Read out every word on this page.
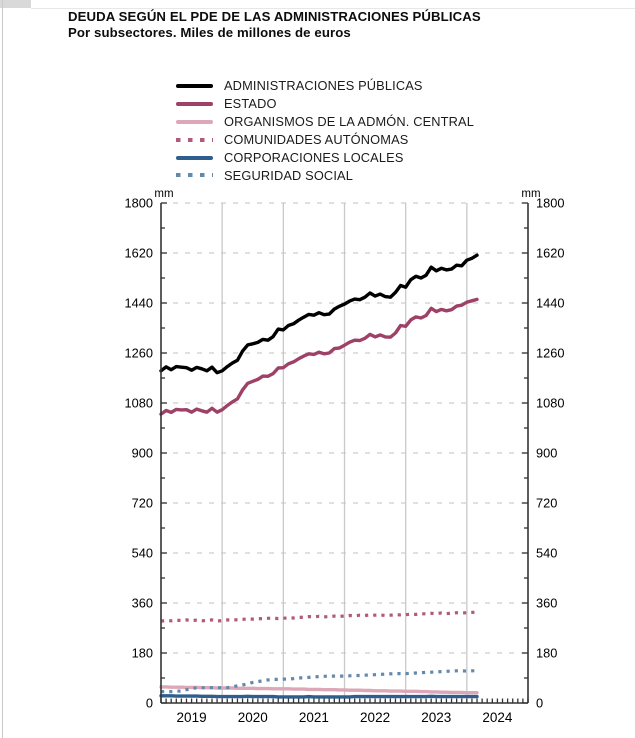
DEUDA SEGÚN EL PDE DE LAS ADMINISTRACIONES PÚBLICAS
Por subsectores. Miles de millones de euros
ADMINISTRACIONES PÚBLICAS
ESTADO
ORGANISMOS DE LA ADMÓN. CENTRAL
COMUNIDADES AUTÓNOMAS
CORPORACIONES LOCALES
SEGURIDAD SOCIAL
0	0
180	180
360	360
540	540
720	720
900	900
1080	1080
1260	1260
1440	1440
1620	1620
1800	1800
mm	mm
2019 2020 2021 2022 2023 2024
